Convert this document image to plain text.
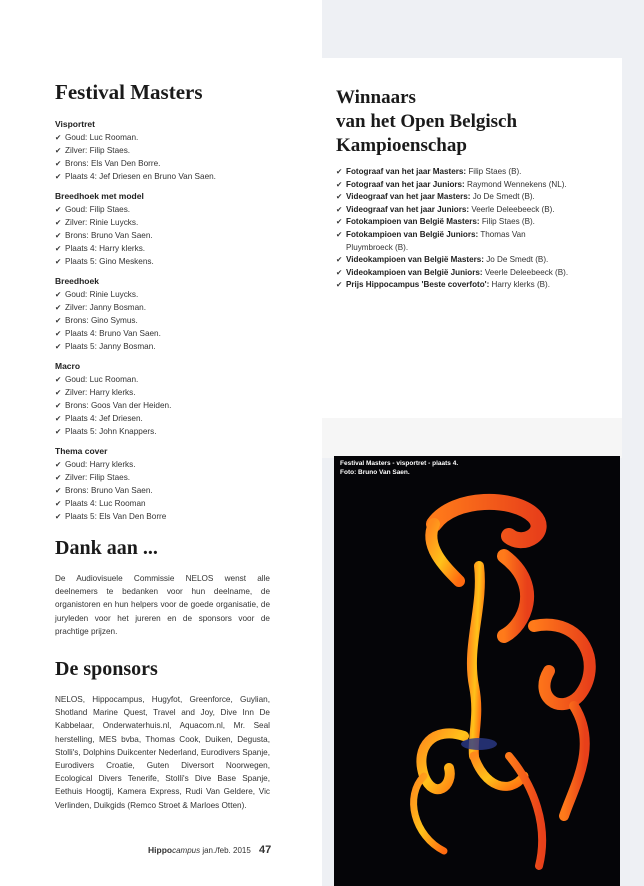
Festival Masters
Visportret
✔ Goud: Luc Rooman.
✔ Zilver: Filip Staes.
✔ Brons: Els Van Den Borre.
✔ Plaats 4: Jef Driesen en Bruno Van Saen.
Breedhoek met model
✔ Goud: Filip Staes.
✔ Zilver: Rinie Luycks.
✔ Brons: Bruno Van Saen.
✔ Plaats 4: Harry klerks.
✔ Plaats 5: Gino Meskens.
Breedhoek
✔ Goud: Rinie Luycks.
✔ Zilver: Janny Bosman.
✔ Brons: Gino Symus.
✔ Plaats 4: Bruno Van Saen.
✔ Plaats 5: Janny Bosman.
Macro
✔ Goud: Luc Rooman.
✔ Zilver: Harry klerks.
✔ Brons: Goos Van der Heiden.
✔ Plaats 4: Jef Driesen.
✔ Plaats 5: John Knappers.
Thema cover
✔ Goud: Harry klerks.
✔ Zilver: Filip Staes.
✔ Brons: Bruno Van Saen.
✔ Plaats 4: Luc Rooman
✔ Plaats 5: Els Van Den Borre
Dank aan ...

De Audiovisuele Commissie NELOS wenst alle deelnemers te bedanken voor hun deelname, de organistoren en hun helpers voor de goede organisatie, de juryleden voor het jureren en de sponsors voor de prachtige prijzen.

De sponsors

NELOS, Hippocampus, Hugyfot, Greenforce, Guylian, Shotland Marine Quest, Travel and Joy, Dive Inn De Kabbelaar, Onderwaterhuis.nl, Aquacom.nl, Mr. Seal herstelling, MES bvba, Thomas Cook, Duiken, Degusta, Stolli's, Dolphins Duikcenter Nederland, Eurodivers Spanje, Eurodivers Croatie, Guten Diversort Noorwegen, Ecological Divers Tenerife, Stolli's Dive Base Spanje, Eethuis Hoogtij, Kamera Express, Rudi Van Geldere, Vic Verlinden, Duikgids (Remco Stroet & Marloes Otten).

Winnaars
van het Open Belgisch
Kampioenschap
✔ Fotograaf van het jaar Masters: Filip Staes (B).
✔ Fotograaf van het jaar Juniors: Raymond Wennekens (NL).
✔ Videograaf van het jaar Masters: Jo De Smedt (B).
✔ Videograaf van het jaar Juniors: Veerle Deleebeeck (B).
✔ Fotokampioen van België Masters: Filip Staes (B).
✔ Fotokampioen van België Juniors: Thomas Van Pluymbroeck (B).
✔ Videokampioen van België Masters: Jo De Smedt (B).
✔ Videokampioen van België Juniors: Veerle Deleebeeck (B).
✔ Prijs Hippocampus 'Beste coverfoto': Harry klerks (B).
Festival Masters - visportret - plaats 4.
Foto: Bruno Van Saen.
Hippocampus jan./feb. 2015 47
